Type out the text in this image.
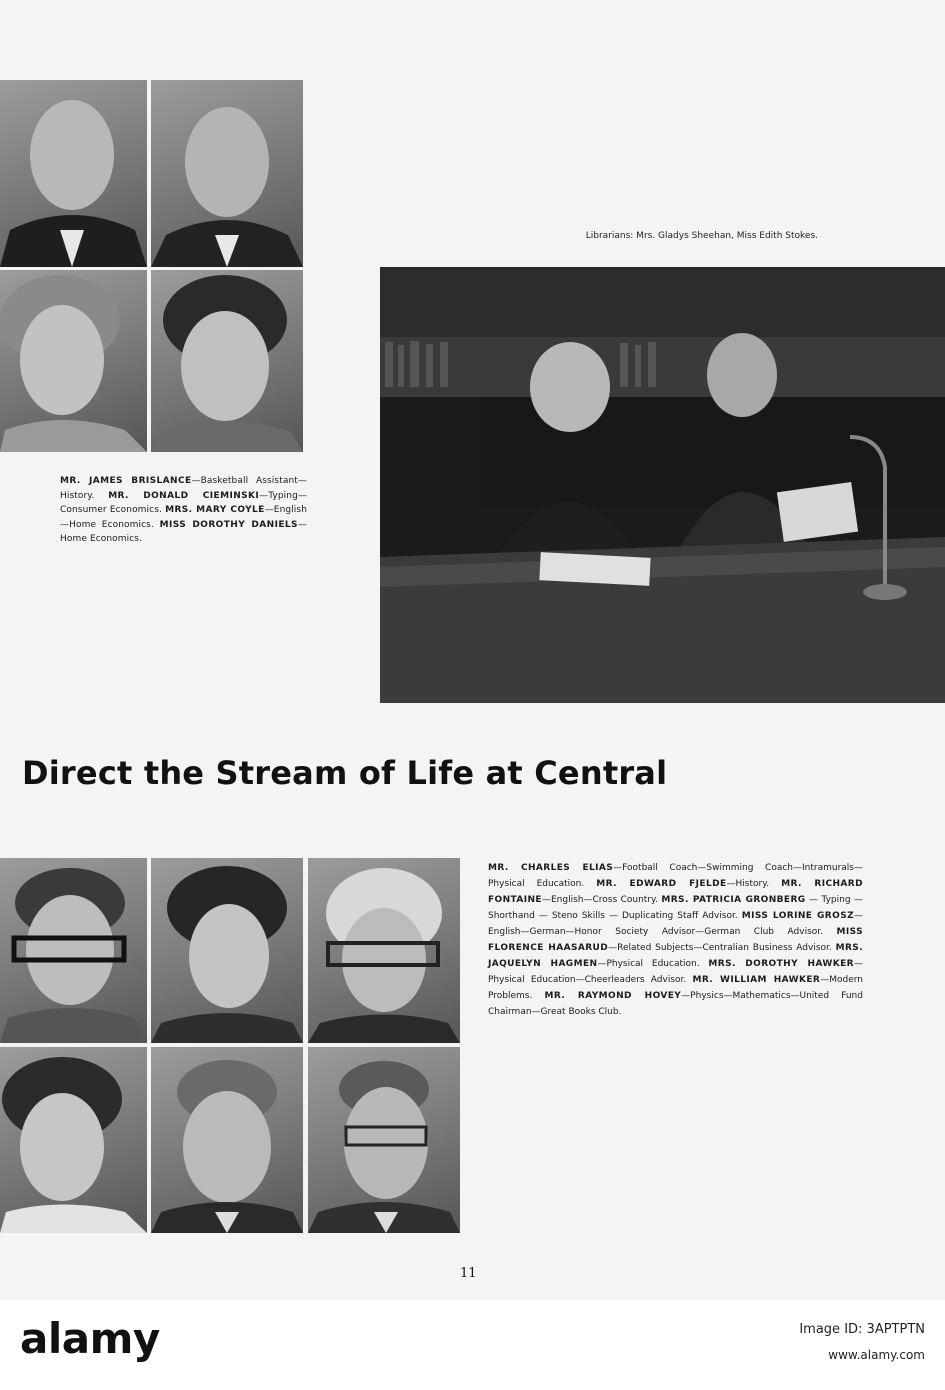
MR. JAMES BRISLANCE—Basketball Assistant—History. MR. DONALD CIEMINSKI—Typing—Consumer Economics. MRS. MARY COYLE—English—Home Economics. MISS DOROTHY DANIELS—Home Economics.
Librarians: Mrs. Gladys Sheehan, Miss Edith Stokes.
Direct the Stream of Life at Central
MR. CHARLES ELIAS—Football Coach—Swimming Coach—Intramurals—Physical Education. MR. EDWARD FJELDE—History. MR. RICHARD FONTAINE—English—Cross Country. MRS. PATRICIA GRONBERG — Typing — Shorthand — Steno Skills — Duplicating Staff Advisor. MISS LORINE GROSZ—English—German—Honor Society Advisor—German Club Advisor. MISS FLORENCE HAASARUD—Related Subjects—Centralian Business Advisor. MRS. JAQUELYN HAGMEN—Physical Education. MRS. DOROTHY HAWKER—Physical Education—Cheerleaders Advisor. MR. WILLIAM HAWKER—Modern Problems. MR. RAYMOND HOVEY—Physics—Mathematics—United Fund Chairman—Great Books Club.
11
alamy	Image ID: 3APTPTN
www.alamy.com
